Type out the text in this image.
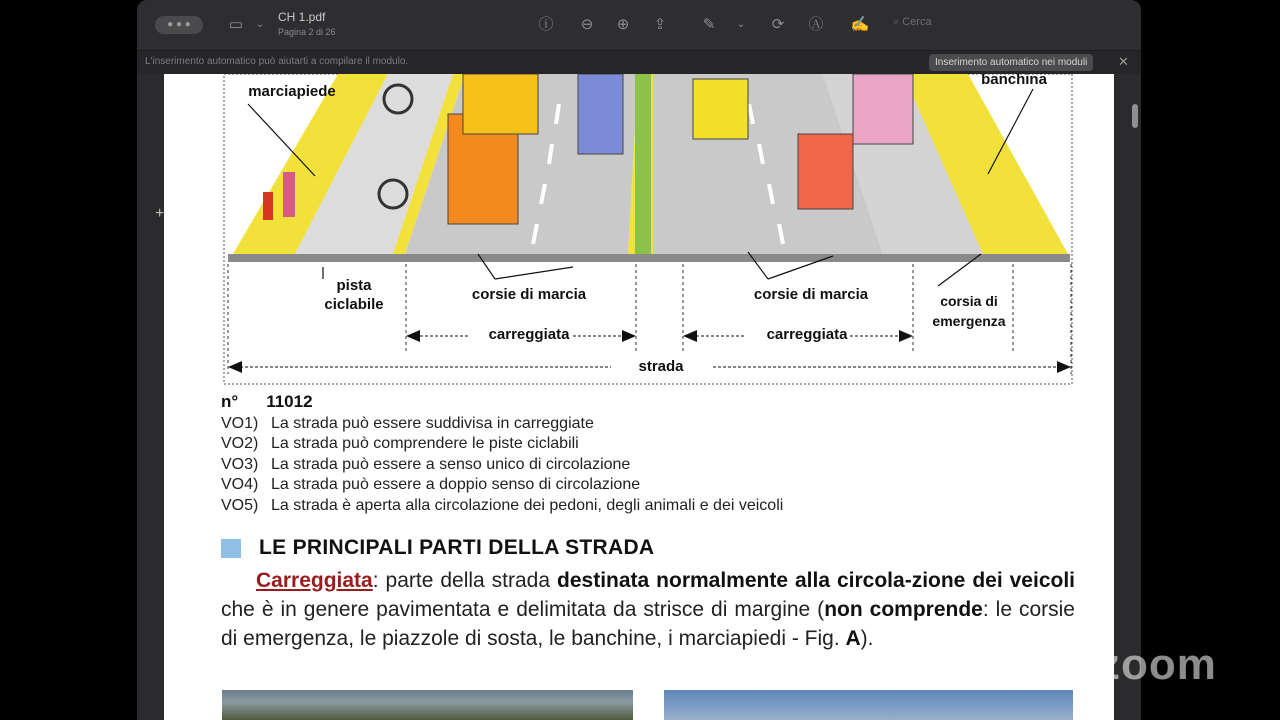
● ● ●	▭	⌄
CH 1.pdf
Pagina 2 di 26	ⓘ	⊖	⊕	⇪	✎	⌄	⟳	Ⓐ ✍ ⌕ Cerca
L'inserimento automatico può aiutarti a compilare il modulo.	Inserimento automatico nei moduli	✕
marciapiede
banchina
pista
ciclabile
corsie di marcia	corsie di marcia	corsia di
emergenza
carreggiata	carreggiata
strada
n° 11012
VO1) La strada può essere suddivisa in carreggiate
VO2) La strada può comprendere le piste ciclabili
VO3) La strada può essere a senso unico di circolazione
VO4) La strada può essere a doppio senso di circolazione
VO5) La strada è aperta alla circolazione dei pedoni, degli animali e dei veicoli
LE PRINCIPALI PARTI DELLA STRADA
Carreggiata: parte della strada destinata normalmente alla circola-zione dei veicoli che è in genere pavimentata e delimitata da strisce di margine (non comprende: le corsie di emergenza, le piazzole di sosta, le banchine, i marciapiedi - Fig. A).
+
zoom
